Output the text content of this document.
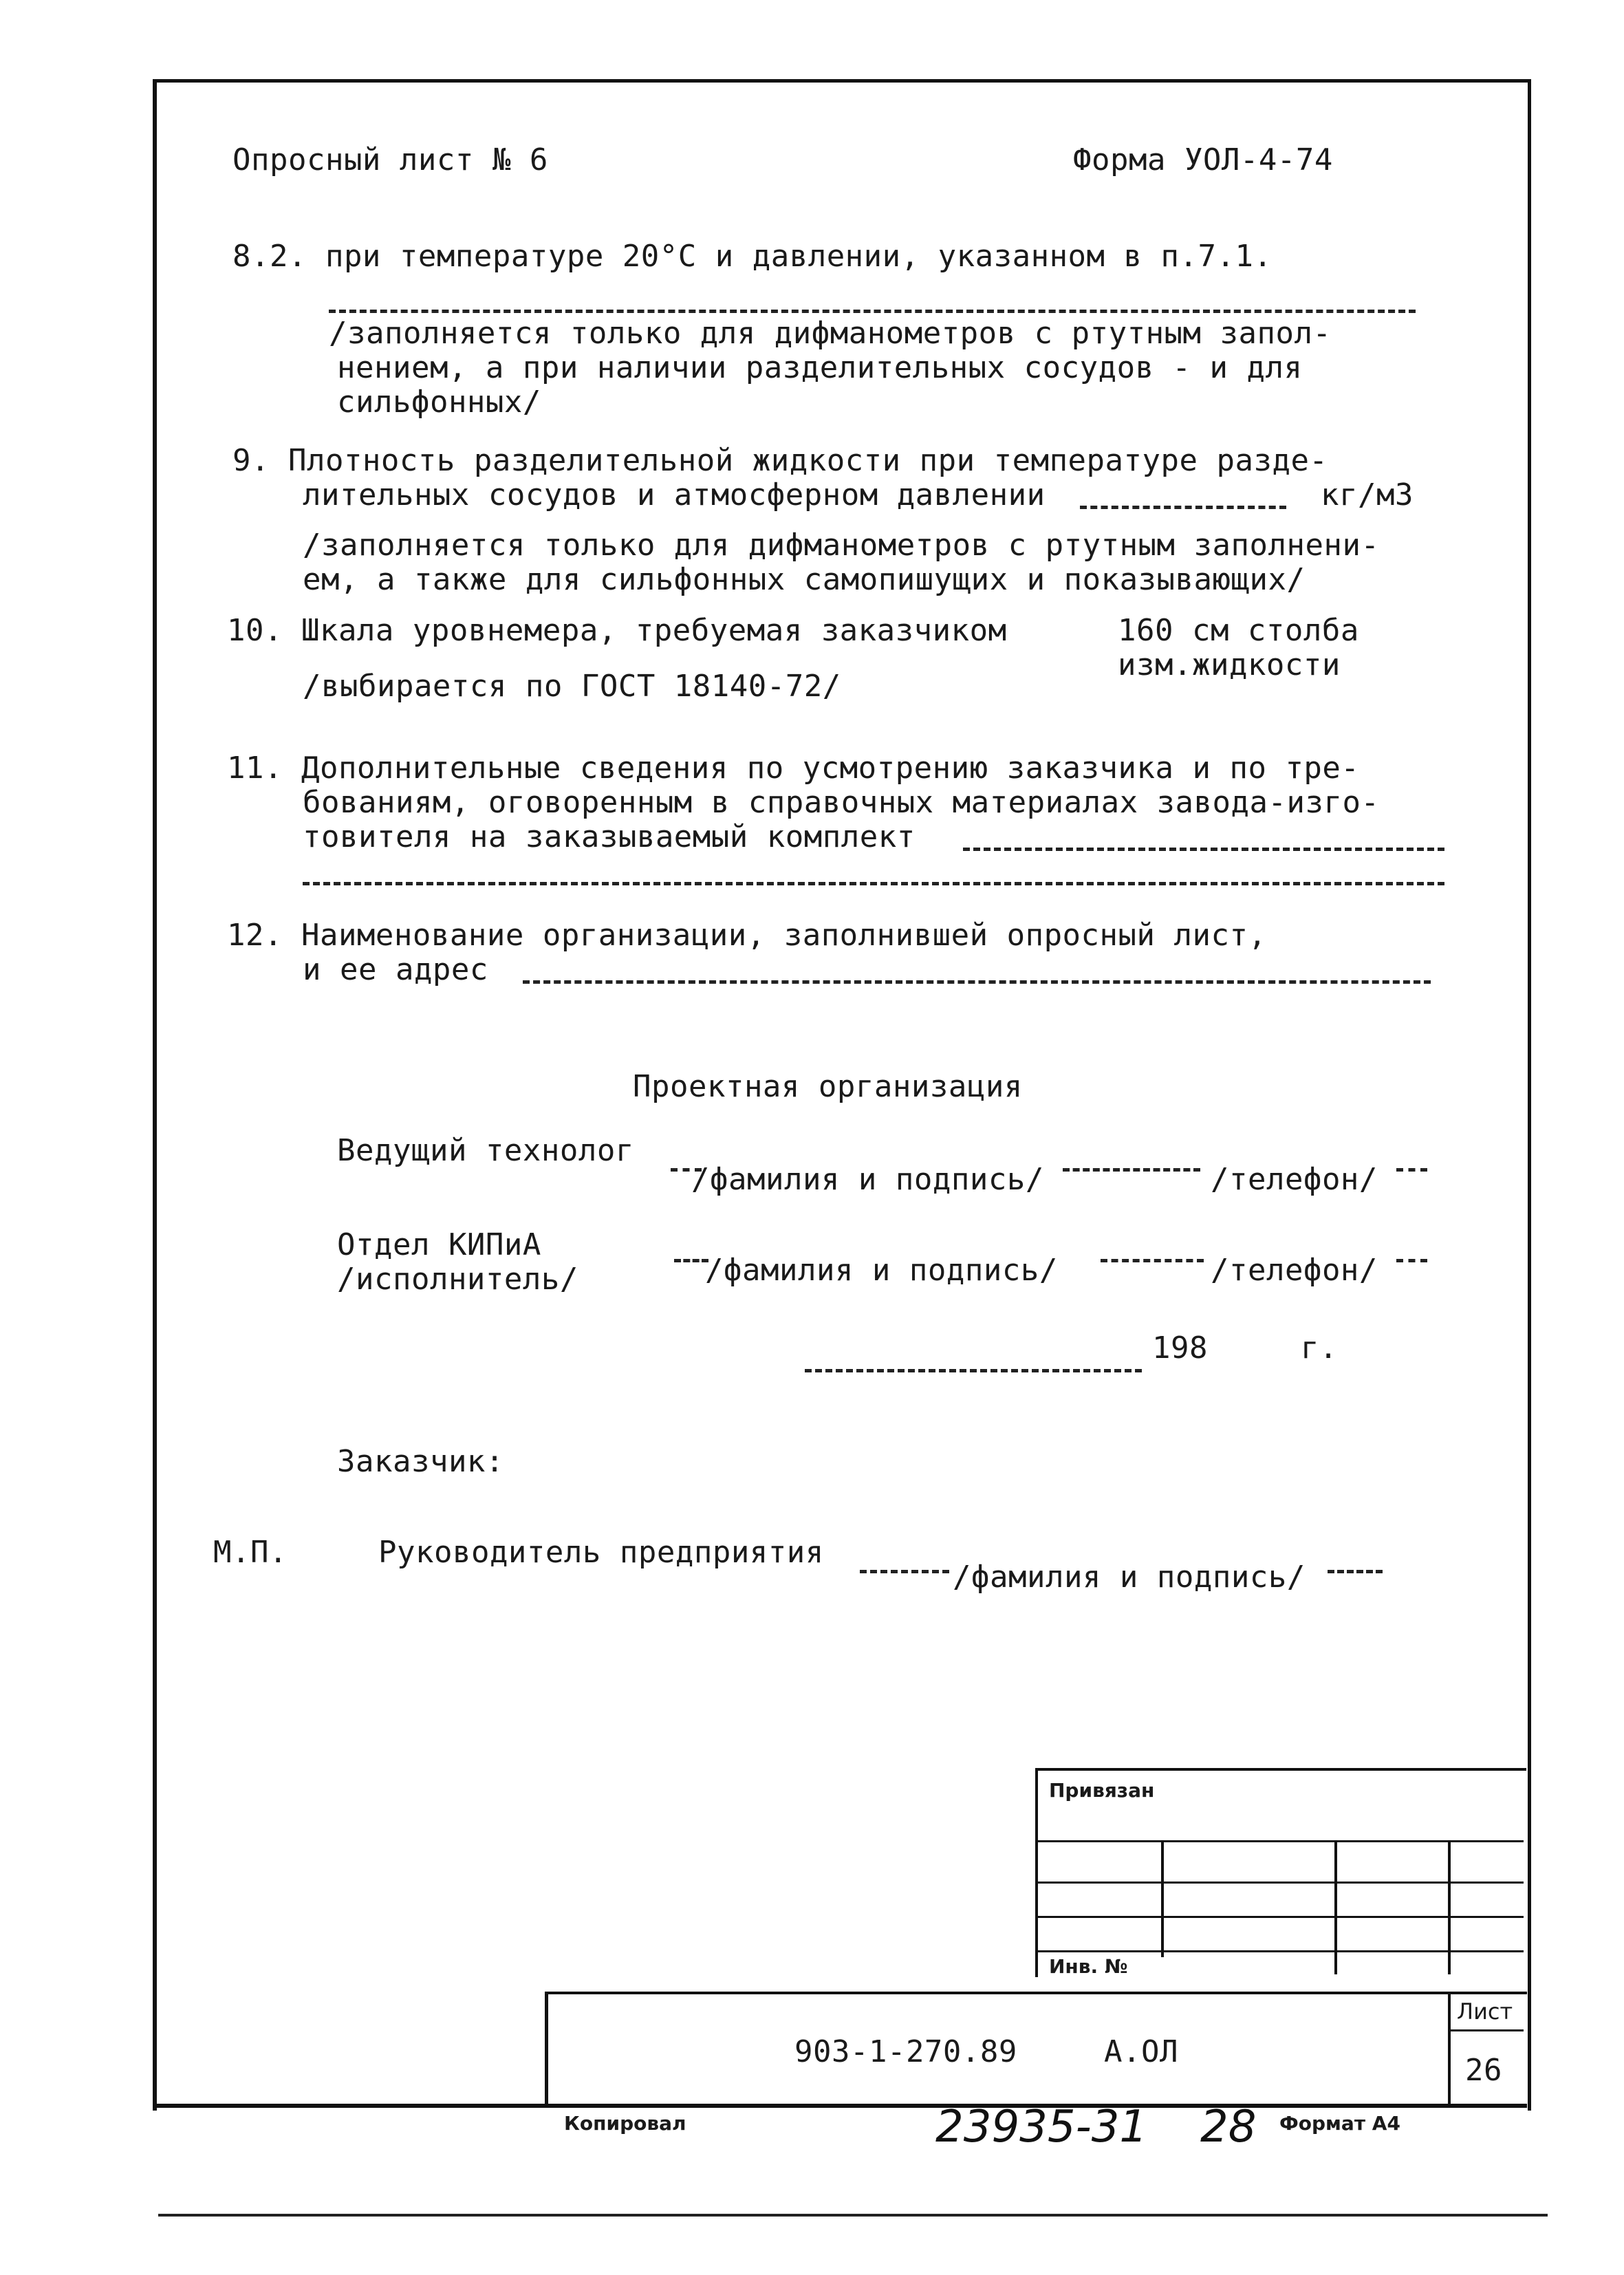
Опросный лист № 6	Форма УОЛ-4-74
8.2. при температуре 20°C и давлении, указанном в п.7.1.
/заполняется только для дифманометров с ртутным запол-
нением, а при наличии разделительных сосудов - и для
сильфонных/
9. Плотность разделительной жидкости при температуре разде-
лительных сосудов и атмосферном давлении	кг/м3
/заполняется только для дифманометров с ртутным заполнени-
ем, а также для сильфонных самопишущих и показывающих/
10. Шкала уровнемера, требуемая заказчиком	160 см столба
изм.жидкости
/выбирается по ГОСТ 18140-72/
11. Дополнительные сведения по усмотрению заказчика и по тре-
бованиям, оговоренным в справочных материалах завода-изго-
товителя на заказываемый комплект
12. Наименование организации, заполнившей опросный лист,
и ее адрес
Проектная организация
Ведущий технолог
/фамилия и подпись/	/телефон/
Отдел КИПиА
/исполнитель/	/фамилия и подпись/	/телефон/
198     г.
Заказчик:
М.П.	Руководитель предприятия
/фамилия и подпись/
Привязан
Инв. №
903-1-270.89	А.ОЛ
Лист
26
Копировал	23935-31 28 Формат А4
